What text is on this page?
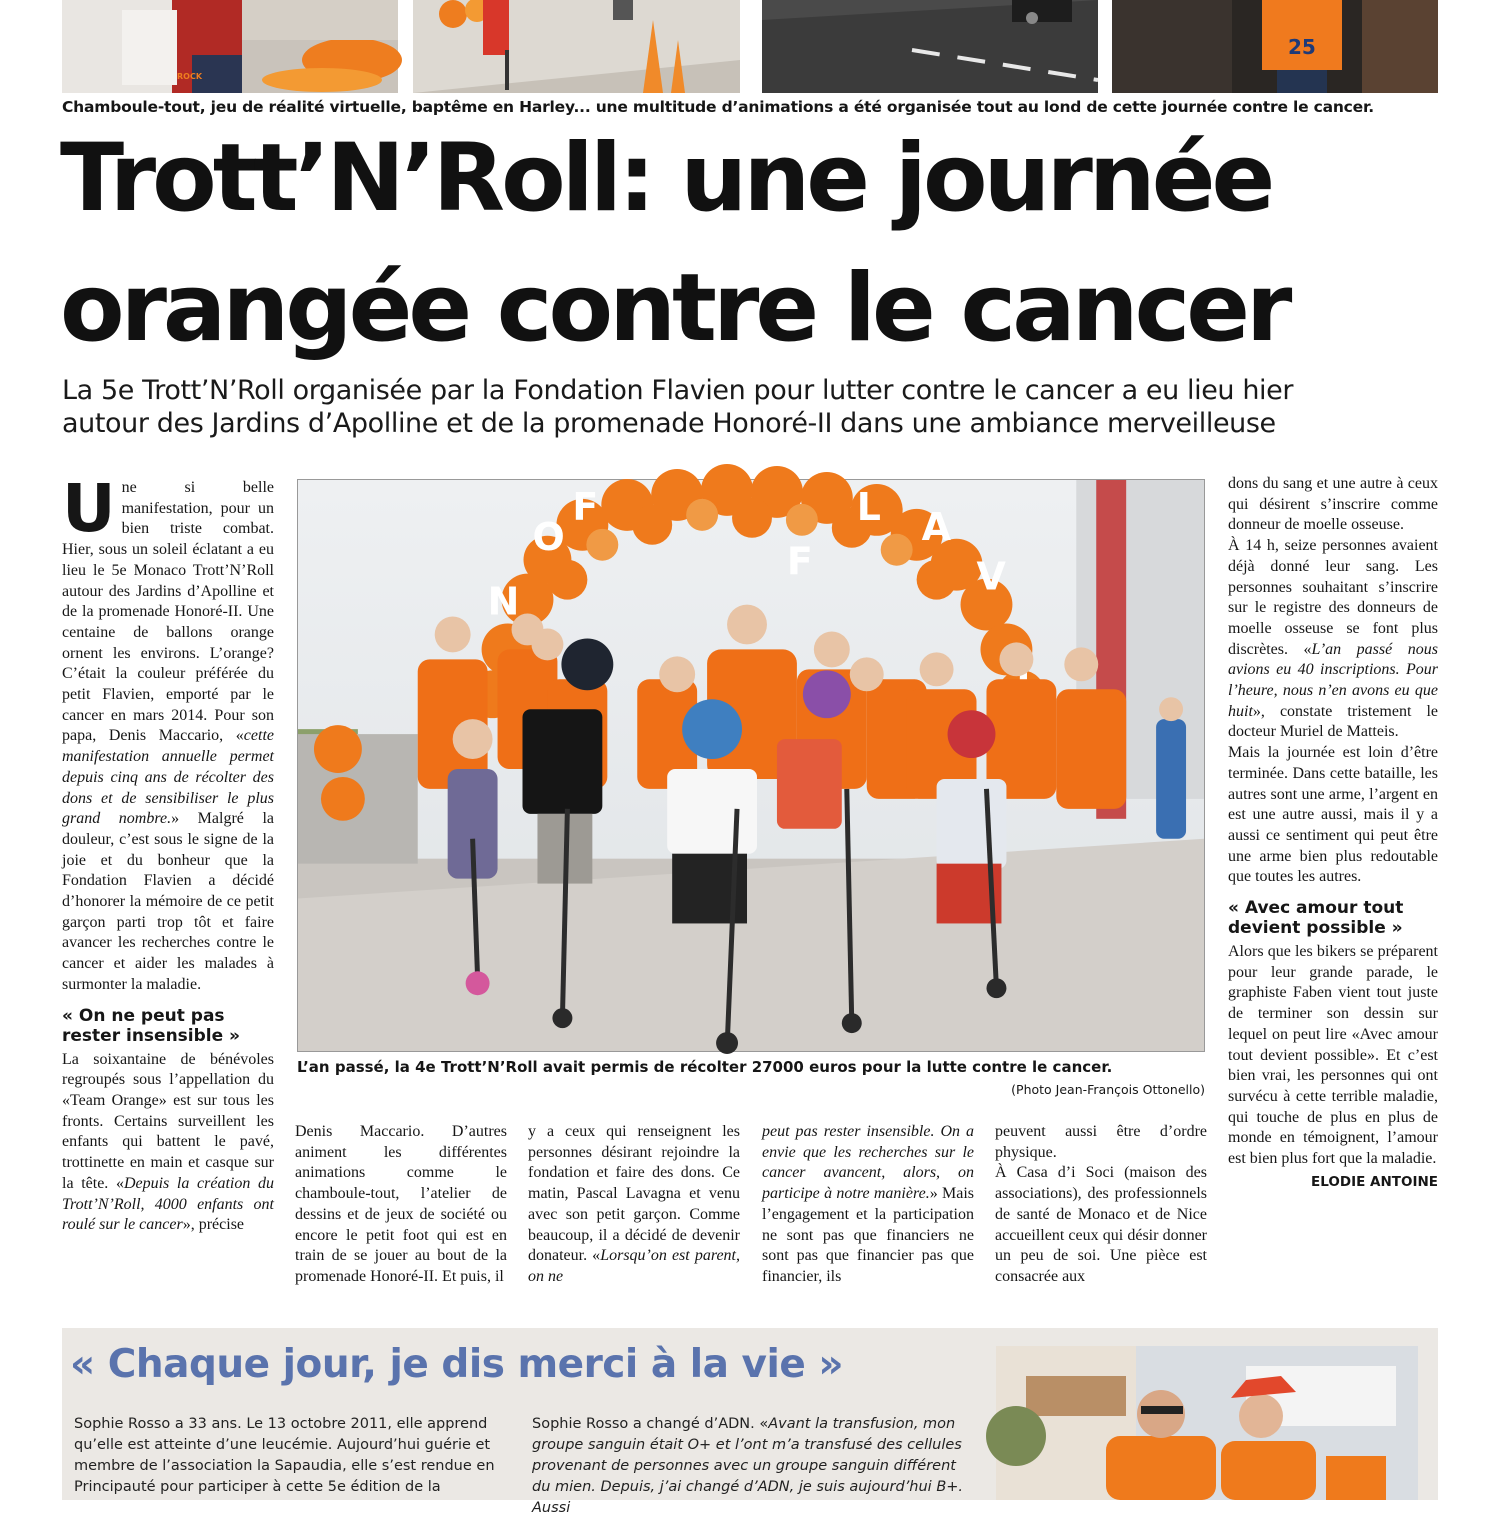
ROCK
25
Chamboule-tout, jeu de réalité virtuelle, baptême en Harley... une multitude d’animations a été organisée tout au lond de cette journée contre le cancer.
Trott’N’Roll: une journée
orangée contre le cancer
La 5e Trott’N’Roll organisée par la Fondation Flavien pour lutter contre le cancer a eu lieu hier
autour des Jardins d’Apolline et de la promenade Honoré-II dans une ambiance merveilleuse

Une si belle manifestation, pour un bien triste combat. Hier, sous un soleil éclatant a eu lieu le 5e Monaco Trott’N’Roll autour des Jardins d’Apolline et de la promenade Honoré-II. Une centaine de ballons orange ornent les environs. L’orange? C’était la couleur préférée du petit Flavien, emporté par le cancer en mars 2014. Pour son papa, Denis Maccario, «cette manifestation annuelle permet depuis cinq ans de récolter des dons et de sensibiliser le plus grand nombre.» Malgré la douleur, c’est sous le signe de la joie et du bonheur que la Fondation Flavien a décidé d’honorer la mémoire de ce petit garçon parti trop tôt et faire avancer les recherches contre le cancer et aider les malades à surmonter la maladie.

« On ne peut pas rester insensible »

La soixantaine de bénévoles regroupés sous l’appellation du «Team Orange» est sur tous les fronts. Certains surveillent les enfants qui battent le pavé, trottinette en main et casque sur la tête. «Depuis la création du Trott’N’Roll, 4000 enfants ont roulé sur le cancer», précise

N
O
F
F
L A
V
L’an passé, la 4e Trott’N’Roll avait permis de récolter 27000 euros pour la lutte contre le cancer.
(Photo Jean-François Ottonello)

Denis Maccario. D’autres animent les différentes animations comme le chamboule-tout, l’atelier de dessins et de jeux de société ou encore le petit foot qui est en train de se jouer au bout de la promenade Honoré-II. Et puis, il

y a ceux qui renseignent les personnes désirant rejoindre la fondation et faire des dons. Ce matin, Pascal Lavagna et venu avec son petit garçon. Comme beaucoup, il a décidé de devenir donateur. «Lorsqu’on est parent, on ne

peut pas rester insensible. On a envie que les recherches sur le cancer avancent, alors, on participe à notre manière.» Mais l’engagement et la participation ne sont pas que financiers ne sont pas que financier pas que financier, ils

peuvent aussi être d’ordre physique.

À Casa d’i Soci (maison des associations), des professionnels de santé de Monaco et de Nice accueillent ceux qui désir donner un peu de soi. Une pièce est consacrée aux

dons du sang et une autre à ceux qui désirent s’inscrire comme donneur de moelle osseuse.

À 14 h, seize personnes avaient déjà donné leur sang. Les personnes souhaitant s’inscrire sur le registre des donneurs de moelle osseuse se font plus discrètes. «L’an passé nous avions eu 40 inscriptions. Pour l’heure, nous n’en avons eu que huit», constate tristement le docteur Muriel de Matteis.

Mais la journée est loin d’être terminée. Dans cette bataille, les autres sont une arme, l’argent en est une autre aussi, mais il y a aussi ce sentiment qui peut être une arme bien plus redoutable que toutes les autres.

« Avec amour tout devient possible »

Alors que les bikers se préparent pour leur grande parade, le graphiste Faben vient tout juste de terminer son dessin sur lequel on peut lire «Avec amour tout devient possible». Et c’est bien vrai, les personnes qui ont survécu à cette terrible maladie, qui touche de plus en plus de monde en témoignent, l’amour est bien plus fort que la maladie.

ELODIE ANTOINE
« Chaque jour, je dis merci à la vie »
Sophie Rosso a 33 ans. Le 13 octobre 2011, elle apprend qu’elle est atteinte d’une leucémie. Aujourd’hui guérie et membre de l’association la Sapaudia, elle s’est rendue en Principauté pour participer à cette 5e édition de la
Sophie Rosso a changé d’ADN. «Avant la transfusion, mon groupe sanguin était O+ et l’ont m’a transfusé des cellules provenant de personnes avec un groupe sanguin différent du mien. Depuis, j’ai changé d’ADN, je suis aujourd’hui B+. Aussi
